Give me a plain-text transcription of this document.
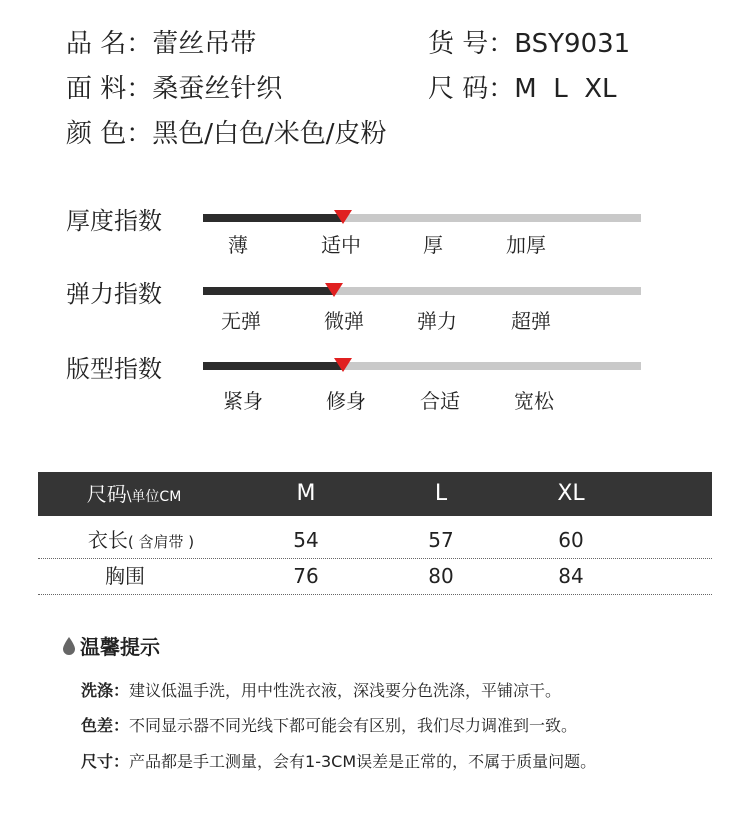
品 名：蕾丝吊带	货 号：BSY9031
面 料：桑蚕丝针织	尺 码：M  L  XL
颜 色：黑色/白色/米色/皮粉
厚度指数
薄	适中	厚	加厚
弹力指数
无弹	微弹	弹力	超弹
版型指数
紧身	修身	合适	宽松
尺码\单位CM	M	L	XL
衣长( 含肩带 )	54	57	60
胸围	76	80	84
温馨提示
洗涤：建议低温手洗，用中性洗衣液，深浅要分色洗涤，平铺凉干。
色差：不同显示器不同光线下都可能会有区别，我们尽力调准到一致。
尺寸：产品都是手工测量，会有1-3CM误差是正常的，不属于质量问题。
